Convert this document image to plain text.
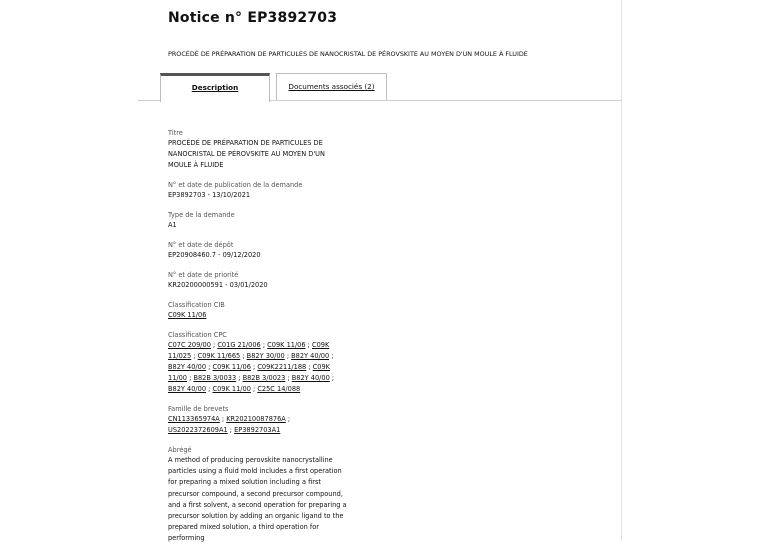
Notice n° EP3892703
PROCÉDÉ DE PRÉPARATION DE PARTICULES DE NANOCRISTAL DE PÉROVSKITE AU MOYEN D'UN MOULE À FLUIDE
Description	Documents associés (2)
Titre
PROCÉDÉ DE PRÉPARATION DE PARTICULES DE NANOCRISTAL DE PÉROVSKITE AU MOYEN D'UN MOULE À FLUIDE
N° et date de publication de la demande
EP3892703 - 13/10/2021
Type de la demande
A1
N° et date de dépôt
EP20908460.7 - 09/12/2020
N° et date de priorité
KR20200000591 - 03/01/2020
Classification CIB
C09K 11/06
Classification CPC
C07C 209/00 ; C01G 21/006 ; C09K 11/06 ; C09K 11/025 ; C09K 11/665 ; B82Y 30/00 ; B82Y 40/00 ; B82Y 40/00 ; C09K 11/06 ; C09K2211/188 ; C09K 11/00 ; B82B 3/0033 ; B82B 3/0023 ; B82Y 40/00 ; B82Y 40/00 ; C09K 11/00 ; C25C 14/088
Famille de brevets
CN113365974A ; KR20210087876A ; US2022372609A1 ; EP3892703A1
Abrégé
A method of producing perovskite nanocrystalline particles using a fluid mold includes a first operation for preparing a mixed solution including a first precursor compound, a second precursor compound, and a first solvent, a second operation for preparing a precursor solution by adding an organic ligand to the prepared mixed solution, a third operation for performing
